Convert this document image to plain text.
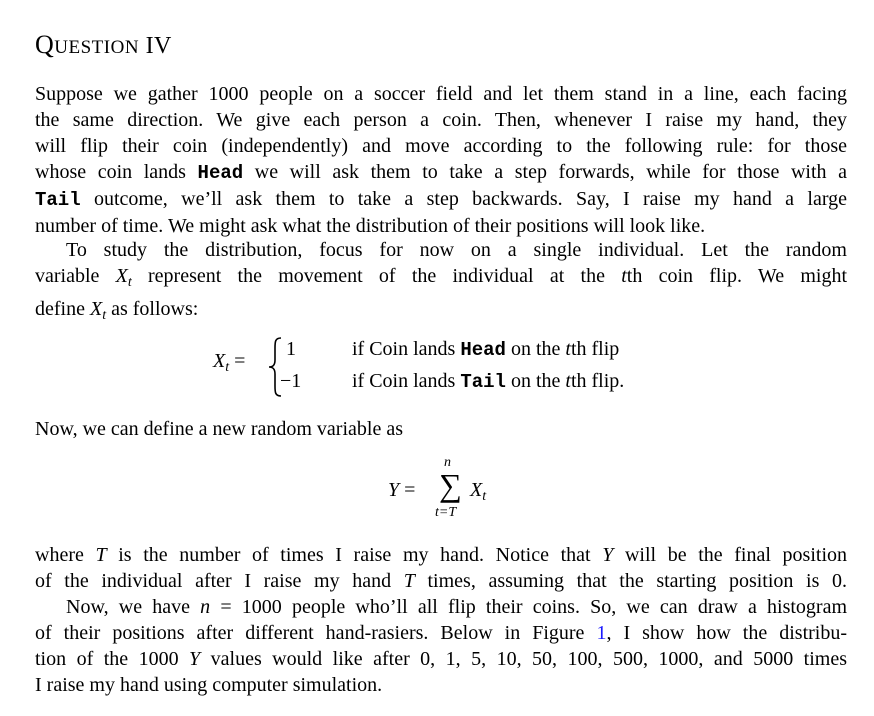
QUESTION IV
Suppose we gather 1000 people on a soccer field and let them stand in a line, each facing
the same direction. We give each person a coin. Then, whenever I raise my hand, they
will flip their coin (independently) and move according to the following rule: for those
whose coin lands Head we will ask them to take a step forwards, while for those with a
Tail outcome, we’ll ask them to take a step backwards. Say, I raise my hand a large
number of time. We might ask what the distribution of their positions will look like.
To study the distribution, focus for now on a single individual. Let the random
variable $X_t$ represent the movement of the individual at the tth coin flip. We might
define $X_t$ as follows:
$X_t$ =
1
−1
if Coin lands Head on the tth flip
if Coin lands Tail on the tth flip.
Now, we can define a new random variable as
Y =
n
∑
t=T
$X_t$
where T is the number of times I raise my hand. Notice that Y will be the final position
of the individual after I raise my hand T times, assuming that the starting position is 0.
Now, we have n = 1000 people who’ll all flip their coins. So, we can draw a histogram
of their positions after different hand-rasiers. Below in Figure 1, I show how the distribu-
tion of the 1000 Y values would like after 0, 1, 5, 10, 50, 100, 500, 1000, and 5000 times
I raise my hand using computer simulation.
